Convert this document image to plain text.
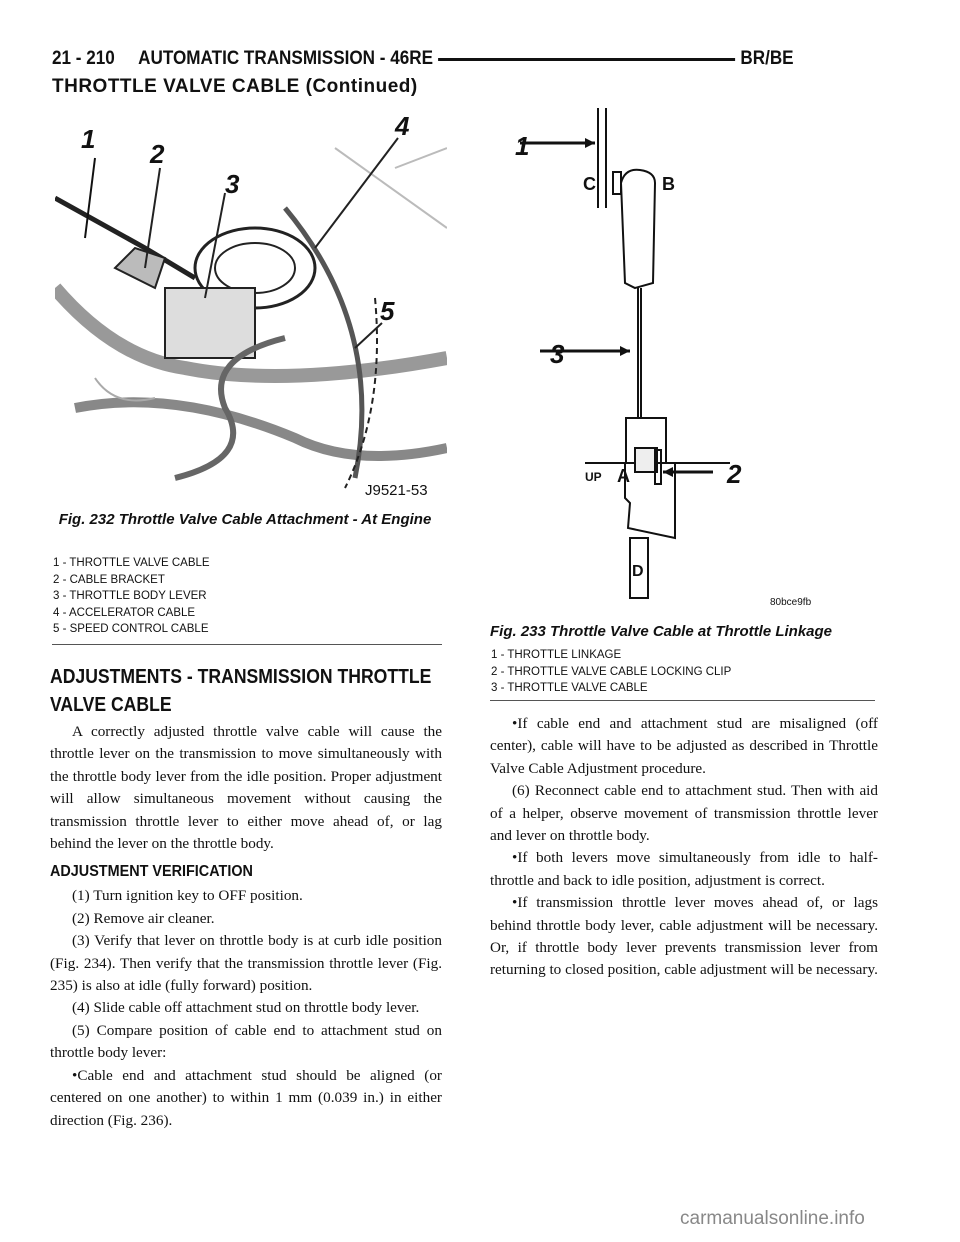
21 - 210 AUTOMATIC TRANSMISSION - 46RE	BR/BE
THROTTLE VALVE CABLE (Continued)
1 2
3
4
5
J9521-53
Fig. 232 Throttle Valve Cable Attachment - At Engine
1 - THROTTLE VALVE CABLE
2 - CABLE BRACKET
3 - THROTTLE BODY LEVER
4 - ACCELERATOR CABLE
5 - SPEED CONTROL CABLE
1
3
2
C	B
UP A
D
80bce9fb
Fig. 233 Throttle Valve Cable at Throttle Linkage
1 - THROTTLE LINKAGE
2 - THROTTLE VALVE CABLE LOCKING CLIP
3 - THROTTLE VALVE CABLE
ADJUSTMENTS - TRANSMISSION THROTTLE VALVE CABLE

A correctly adjusted throttle valve cable will cause the throttle lever on the transmission to move simultaneously with the throttle body lever from the idle position. Proper adjustment will allow simultaneous movement without causing the transmission throttle lever to either move ahead of, or lag behind the lever on the throttle body.

ADJUSTMENT VERIFICATION

(1) Turn ignition key to OFF position.

(2) Remove air cleaner.

(3) Verify that lever on throttle body is at curb idle position (Fig. 234). Then verify that the transmission throttle lever (Fig. 235) is also at idle (fully forward) position.

(4) Slide cable off attachment stud on throttle body lever.

(5) Compare position of cable end to attachment stud on throttle body lever:

•Cable end and attachment stud should be aligned (or centered on one another) to within 1 mm (0.039 in.) in either direction (Fig. 236).

•If cable end and attachment stud are misaligned (off center), cable will have to be adjusted as described in Throttle Valve Cable Adjustment procedure.

(6) Reconnect cable end to attachment stud. Then with aid of a helper, observe movement of transmission throttle lever and lever on throttle body.

•If both levers move simultaneously from idle to half-throttle and back to idle position, adjustment is correct.

•If transmission throttle lever moves ahead of, or lags behind throttle body lever, cable adjustment will be necessary. Or, if throttle body lever prevents transmission lever from returning to closed position, cable adjustment will be necessary.

carmanualsonline.info
